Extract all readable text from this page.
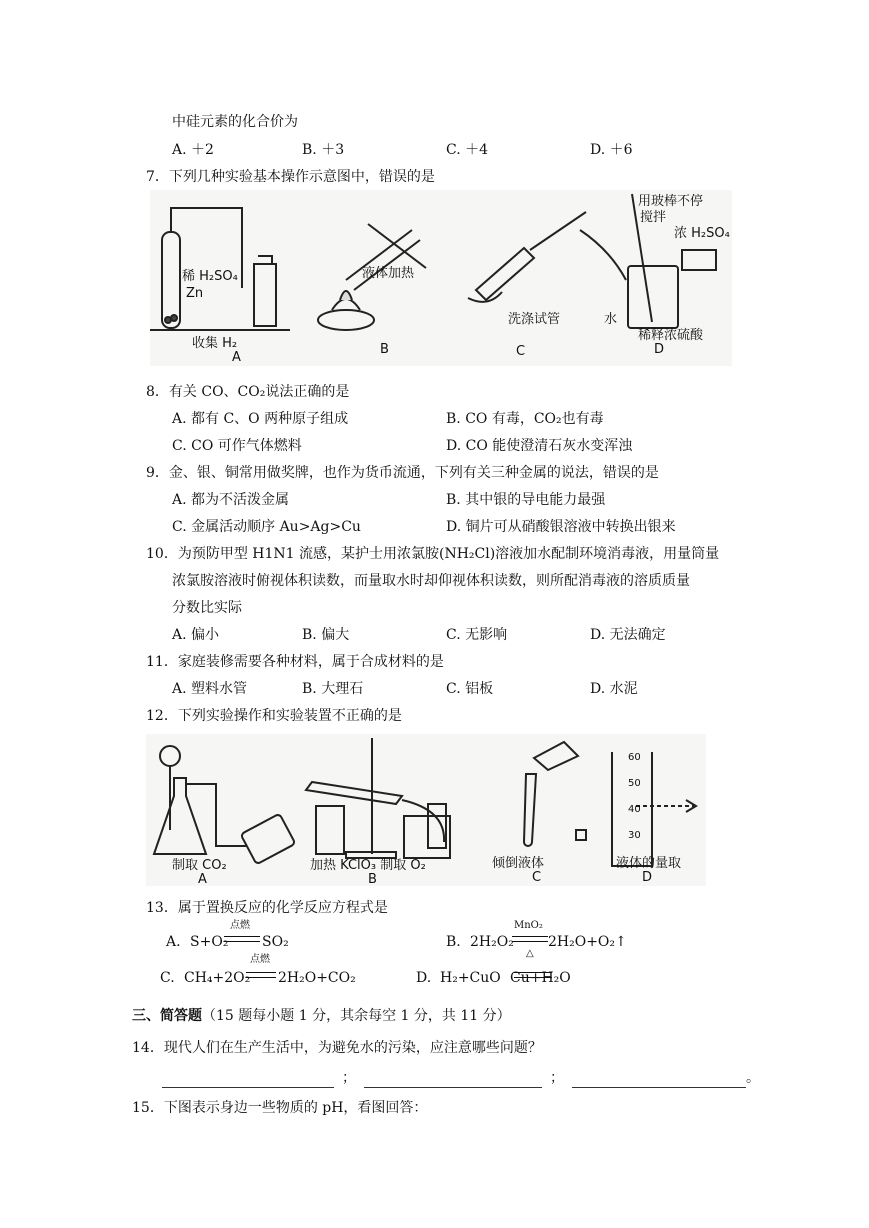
中硅元素的化合价为
A. ＋2	B. ＋3	C. ＋4	D. ＋6
7．下列几种实验基本操作示意图中，错误的是
稀 H₂SO₄
Zn
收集 H₂
A
液体加热
B
洗涤试管
C
用玻棒不停
搅拌
浓 H₂SO₄
水
稀释浓硫酸
D
8．有关 CO、CO₂说法正确的是
A. 都有 C、O 两种原子组成	B. CO 有毒，CO₂也有毒
C. CO 可作气体燃料	D. CO 能使澄清石灰水变浑浊
9．金、银、铜常用做奖牌，也作为货币流通，下列有关三种金属的说法，错误的是
A. 都为不活泼金属	B. 其中银的导电能力最强
C. 金属活动顺序 Au>Ag>Cu	D. 铜片可从硝酸银溶液中转换出银来
10．为预防甲型 H1N1 流感，某护士用浓氯胺(NH₂Cl)溶液加水配制环境消毒液，用量筒量
浓氯胺溶液时俯视体积读数，而量取水时却仰视体积读数，则所配消毒液的溶质质量
分数比实际
A. 偏小	B. 偏大	C. 无影响	D. 无法确定
11．家庭装修需要各种材料，属于合成材料的是
A. 塑料水管	B. 大理石	C. 铝板	D. 水泥
12．下列实验操作和实验装置不正确的是
60
50
40
30
制取 CO₂
A
加热 KClO₃ 制取 O₂
B
倾倒液体
C
液体的量取
D
13．属于置换反应的化学反应方程式是
A. S+O₂
点燃
SO₂	B. 2H₂O₂
MnO₂
△
2H₂O+O₂↑
C. CH₄+2O₂
点燃
2H₂O+CO₂	D. H₂+CuO Cu+H₂O
三、简答题（15 题每小题 1 分，其余每空 1 分，共 11 分）
14．现代人们在生产生活中，为避免水的污染，应注意哪些问题？
；	；	。
15．下图表示身边一些物质的 pH，看图回答：
